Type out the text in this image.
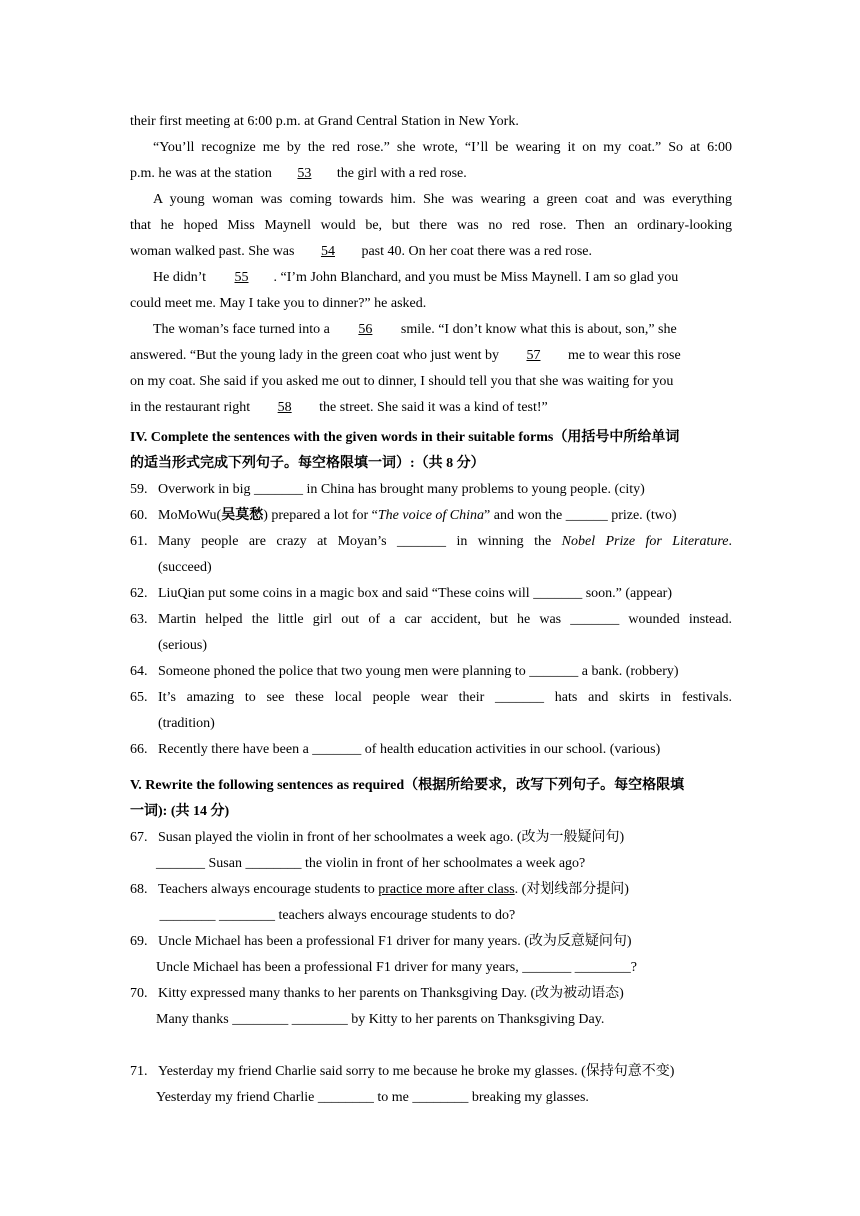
their first meeting at 6:00 p.m. at Grand Central Station in New York.

“You’ll recognize me by the red rose.” she wrote, “I’ll be wearing it on my coat.” So at 6:00

p.m. he was at the station 53 the girl with a red rose.

A young woman was coming towards him. She was wearing a green coat and was everything

that he hoped Miss Maynell would be, but there was no red rose. Then an ordinary-looking

woman walked past. She was 54 past 40. On her coat there was a red rose.

He didn’t 55 . “I’m John Blanchard, and you must be Miss Maynell. I am so glad you

could meet me. May I take you to dinner?” he asked.

The woman’s face turned into a 56 smile. “I don’t know what this is about, son,” she

answered. “But the young lady in the green coat who just went by 57 me to wear this rose

on my coat. She said if you asked me out to dinner, I should tell you that she was waiting for you

in the restaurant right 58 the street. She said it was a kind of test!”

IV. Complete the sentences with the given words in their suitable forms（用括号中所给单词

的适当形式完成下列句子。每空格限填一词）:（共 8 分）

59. Overwork in big _______ in China has brought many problems to young people. (city)
60. MoMoWu(吴莫愁) prepared a lot for “The voice of China” and won the ______ prize. (two)
61. Many people are crazy at Moyan’s _______ in winning the Nobel Prize for Literature.
(succeed)
62. LiuQian put some coins in a magic box and said “These coins will _______ soon.” (appear)
63. Martin helped the little girl out of a car accident, but he was _______ wounded instead.
(serious)
64. Someone phoned the police that two young men were planning to _______ a bank. (robbery)
65. It’s amazing to see these local people wear their _______ hats and skirts in festivals.
(tradition)
66. Recently there have been a _______ of health education activities in our school. (various)

V. Rewrite the following sentences as required（根据所给要求，改写下列句子。每空格限填

一词): (共 14 分)

67. Susan played the violin in front of her schoolmates a week ago. (改为一般疑问句)
_______ Susan ________ the violin in front of her schoolmates a week ago?
68. Teachers always encourage students to practice more after class. (对划线部分提问)
________ ________ teachers always encourage students to do?
69. Uncle Michael has been a professional F1 driver for many years. (改为反意疑问句)
Uncle Michael has been a professional F1 driver for many years, _______ ________?
70. Kitty expressed many thanks to her parents on Thanksgiving Day. (改为被动语态)
Many thanks ________ ________ by Kitty to her parents on Thanksgiving Day.
71. Yesterday my friend Charlie said sorry to me because he broke my glasses. (保持句意不变)
Yesterday my friend Charlie ________ to me ________ breaking my glasses.
